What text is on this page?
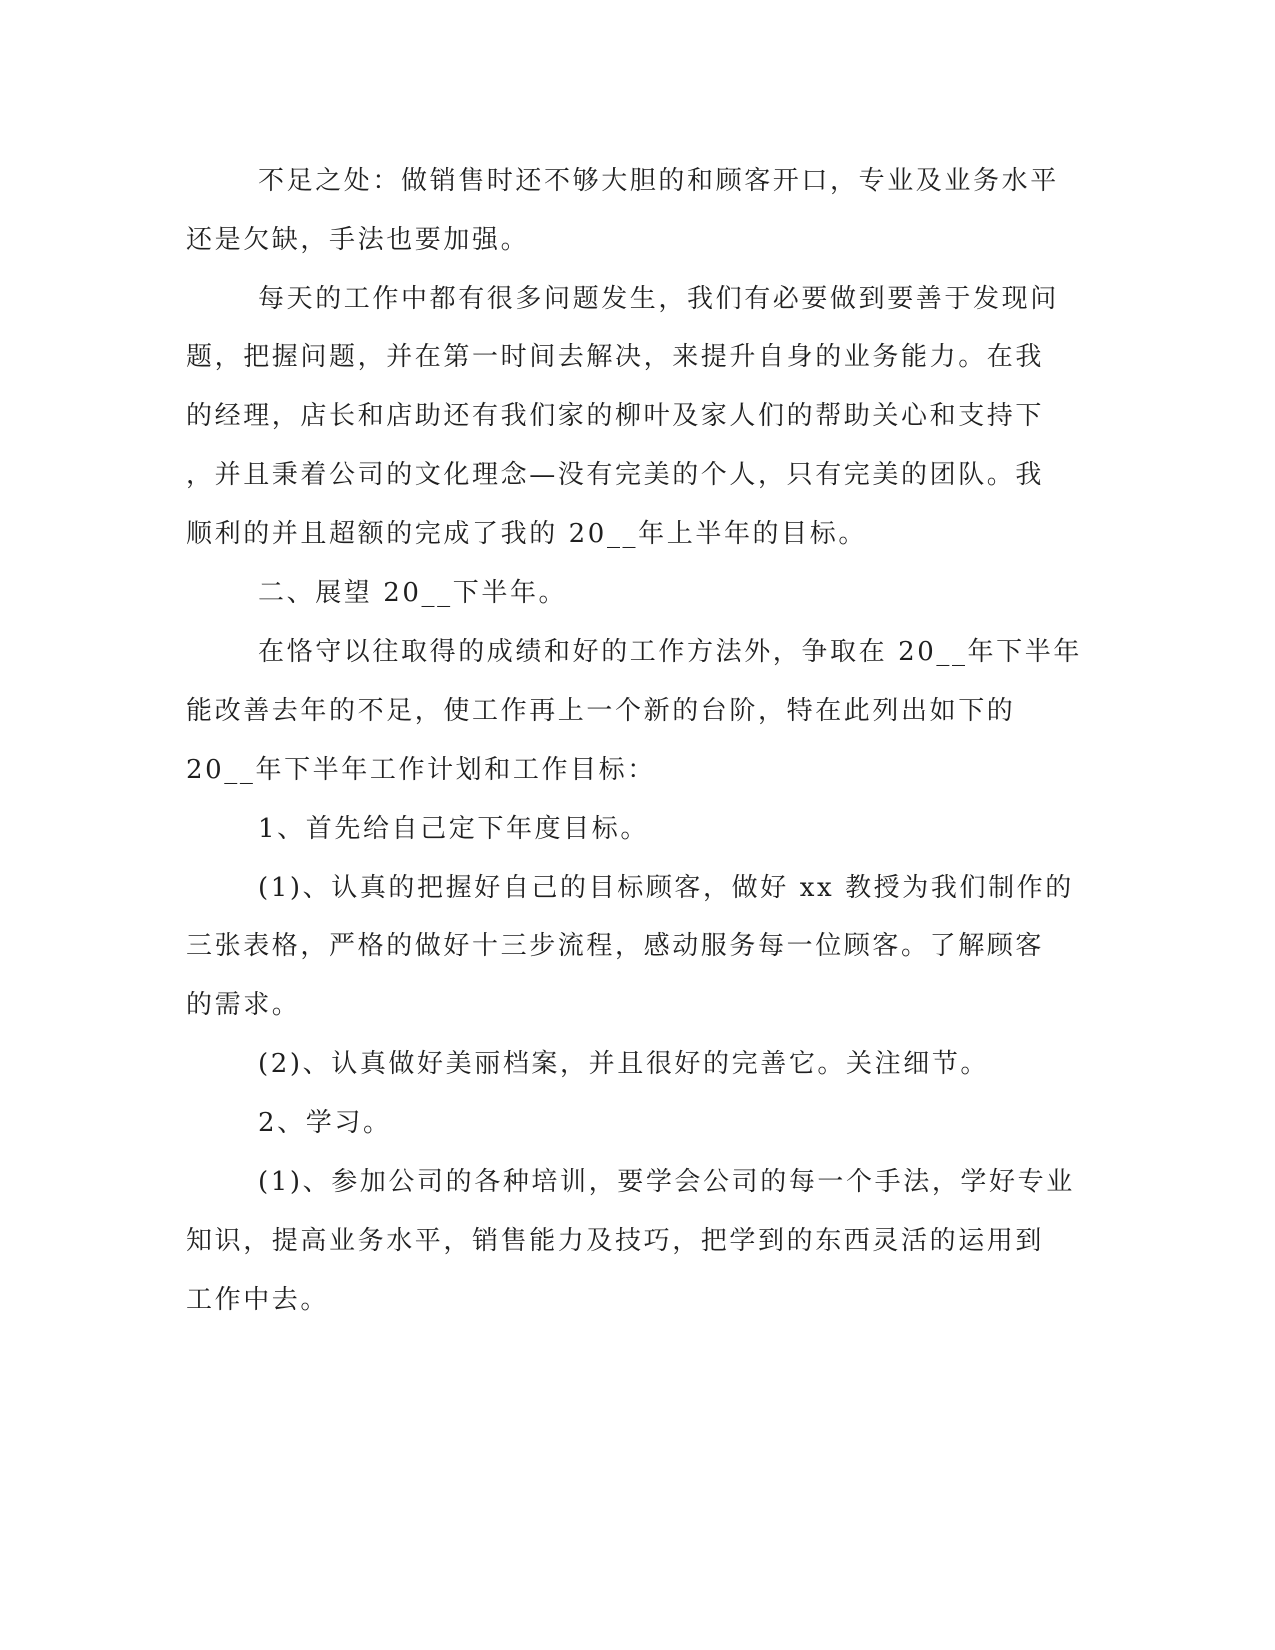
不足之处：做销售时还不够大胆的和顾客开口，专业及业务水平

还是欠缺，手法也要加强。

每天的工作中都有很多问题发生，我们有必要做到要善于发现问

题，把握问题，并在第一时间去解决，来提升自身的业务能力。在我

的经理，店长和店助还有我们家的柳叶及家人们的帮助关心和支持下

，并且秉着公司的文化理念—没有完美的个人，只有完美的团队。我

顺利的并且超额的完成了我的 20__年上半年的目标。

二、展望 20__下半年。

在恪守以往取得的成绩和好的工作方法外，争取在 20__年下半年

能改善去年的不足，使工作再上一个新的台阶，特在此列出如下的

20__年下半年工作计划和工作目标：

1、首先给自己定下年度目标。

(1)、认真的把握好自己的目标顾客，做好 xx 教授为我们制作的

三张表格，严格的做好十三步流程，感动服务每一位顾客。了解顾客

的需求。

(2)、认真做好美丽档案，并且很好的完善它。关注细节。

2、学习。

(1)、参加公司的各种培训，要学会公司的每一个手法，学好专业

知识，提高业务水平，销售能力及技巧，把学到的东西灵活的运用到

工作中去。
